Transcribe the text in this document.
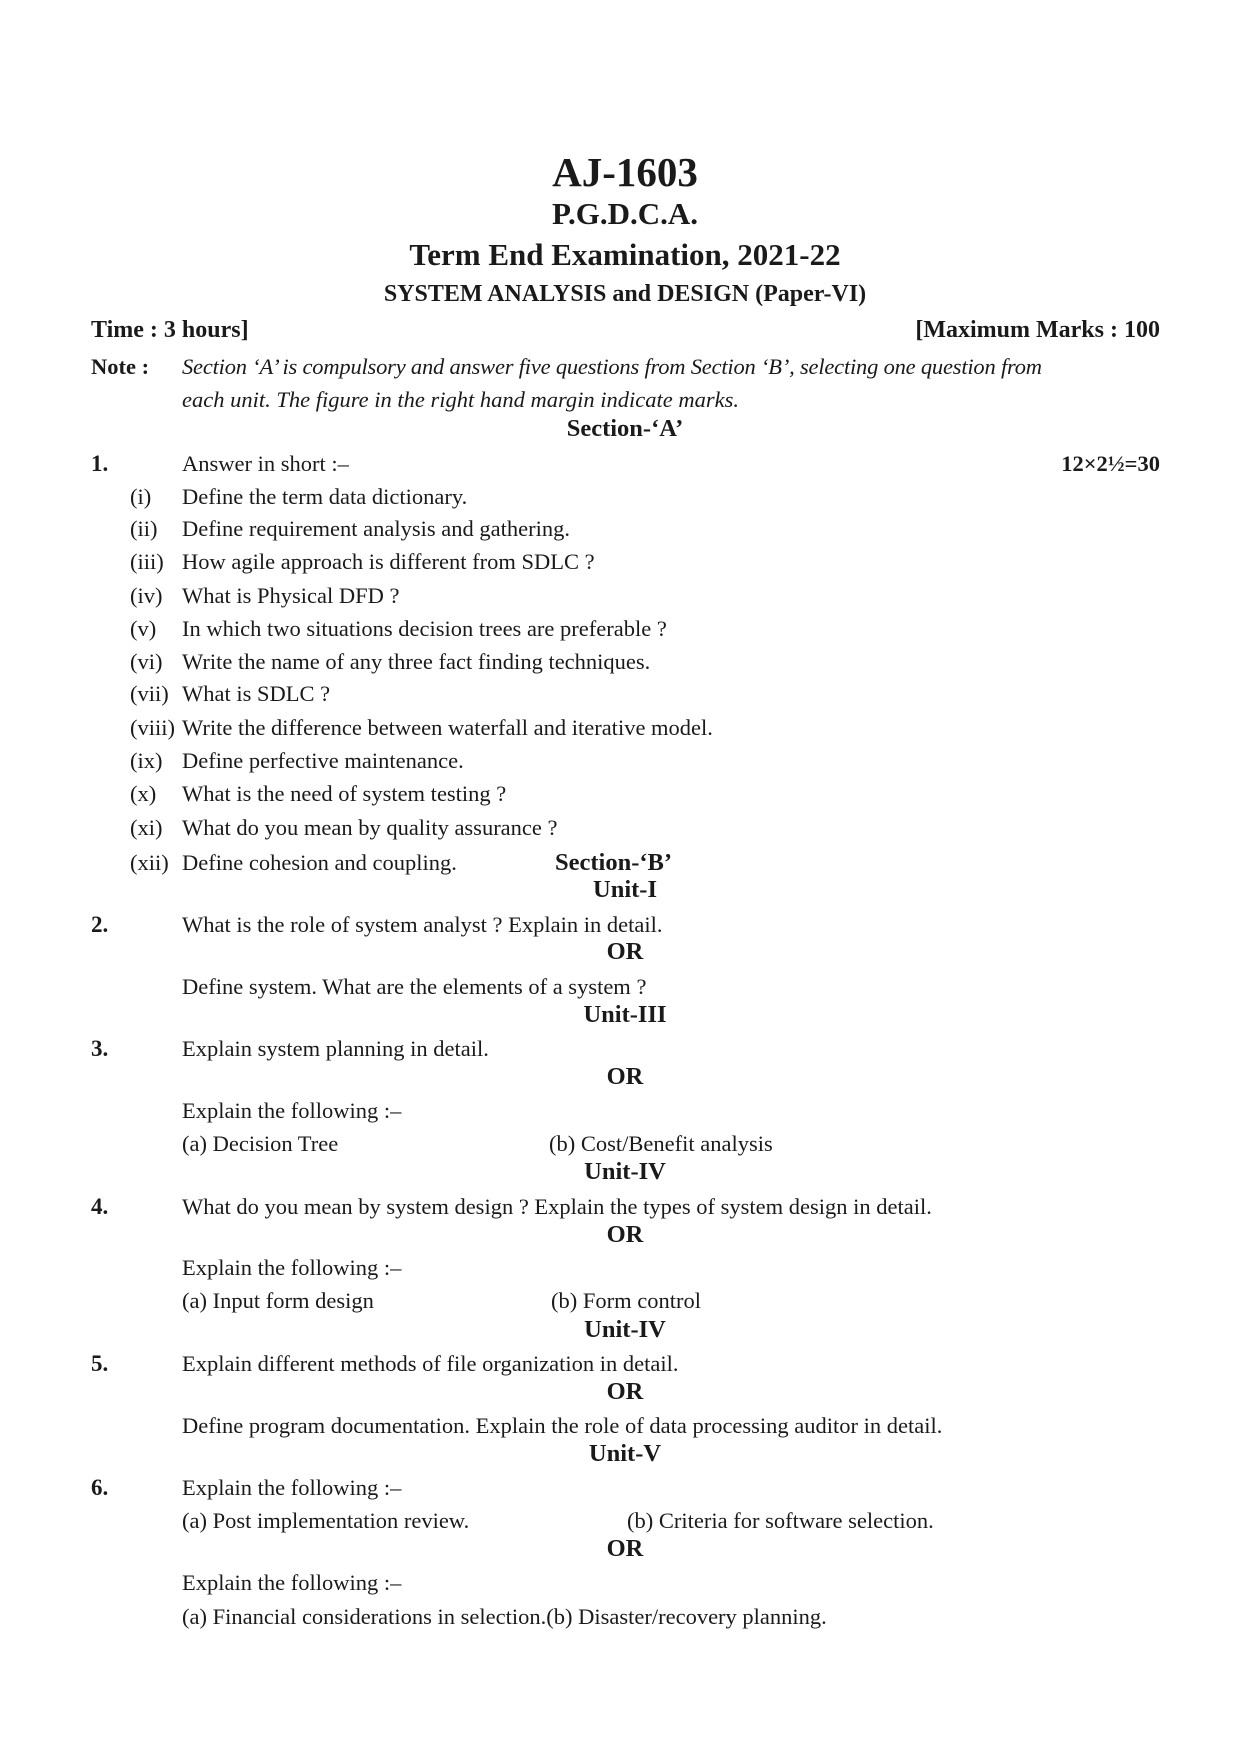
AJ-1603
P.G.D.C.A.
Term End Examination, 2021-22
SYSTEM ANALYSIS and DESIGN (Paper-VI)
Time : 3 hours]	[Maximum Marks : 100
Note : Section ‘A’ is compulsory and answer five questions from Section ‘B’, selecting one question from
each unit. The figure in the right hand margin indicate marks.
Section-‘A’
1.	Answer in short :–	12×2½=30
(i) Define the term data dictionary.
(ii) Define requirement analysis and gathering.
(iii) How agile approach is different from SDLC ?
(iv) What is Physical DFD ?
(v) In which two situations decision trees are preferable ?
(vi) Write the name of any three fact finding techniques.
(vii) What is SDLC ?
(viii) Write the difference between waterfall and iterative model.
(ix) Define perfective maintenance.
(x) What is the need of system testing ?
(xi) What do you mean by quality assurance ?
(xii) Define cohesion and coupling.	Section-‘B’
Unit-I
2.	What is the role of system analyst ? Explain in detail.
OR
Define system. What are the elements of a system ?
Unit-III
3.	Explain system planning in detail.
OR
Explain the following :–
(a) Decision Tree	(b) Cost/Benefit analysis
Unit-IV
4.	What do you mean by system design ? Explain the types of system design in detail.
OR
Explain the following :–
(a) Input form design	(b) Form control
Unit-IV
5.	Explain different methods of file organization in detail.
OR
Define program documentation. Explain the role of data processing auditor in detail.
Unit-V
6.	Explain the following :–
(a) Post implementation review.	(b) Criteria for software selection.
OR
Explain the following :–
(a) Financial considerations in selection.(b) Disaster/recovery planning.
